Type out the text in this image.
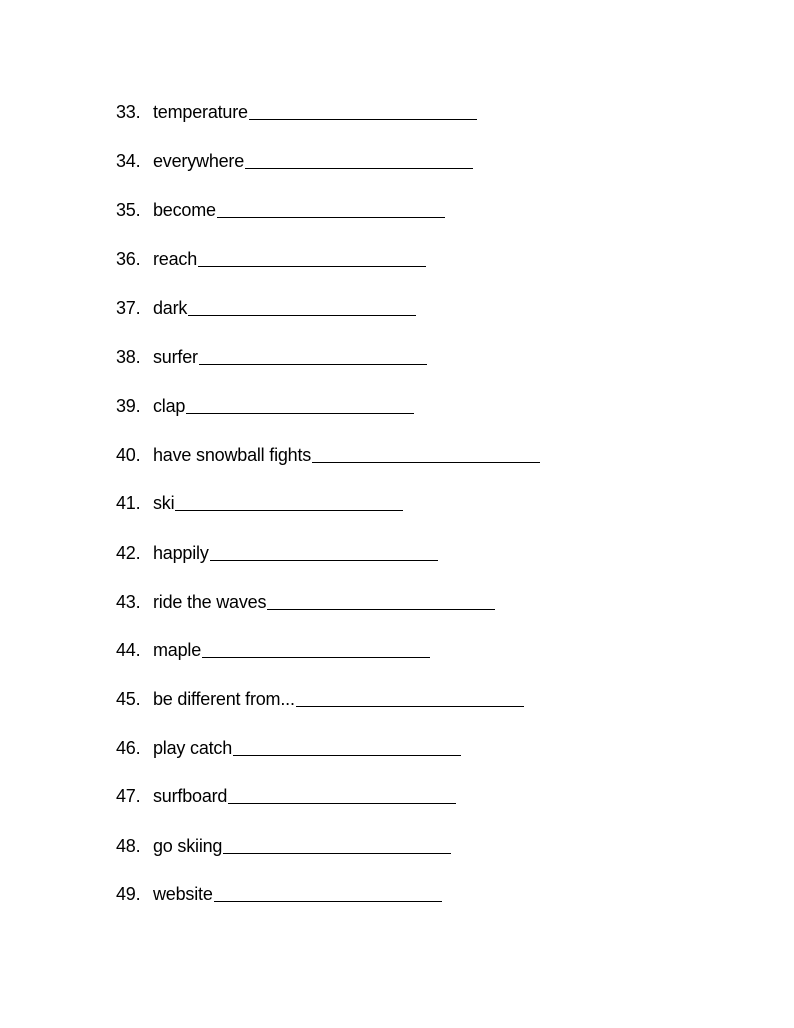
33. temperature
34. everywhere
35. become
36. reach
37. dark
38. surfer
39. clap
40. have snowball fights
41. ski
42. happily
43. ride the waves
44. maple
45. be different from...
46. play catch
47. surfboard
48. go skiing
49. website
